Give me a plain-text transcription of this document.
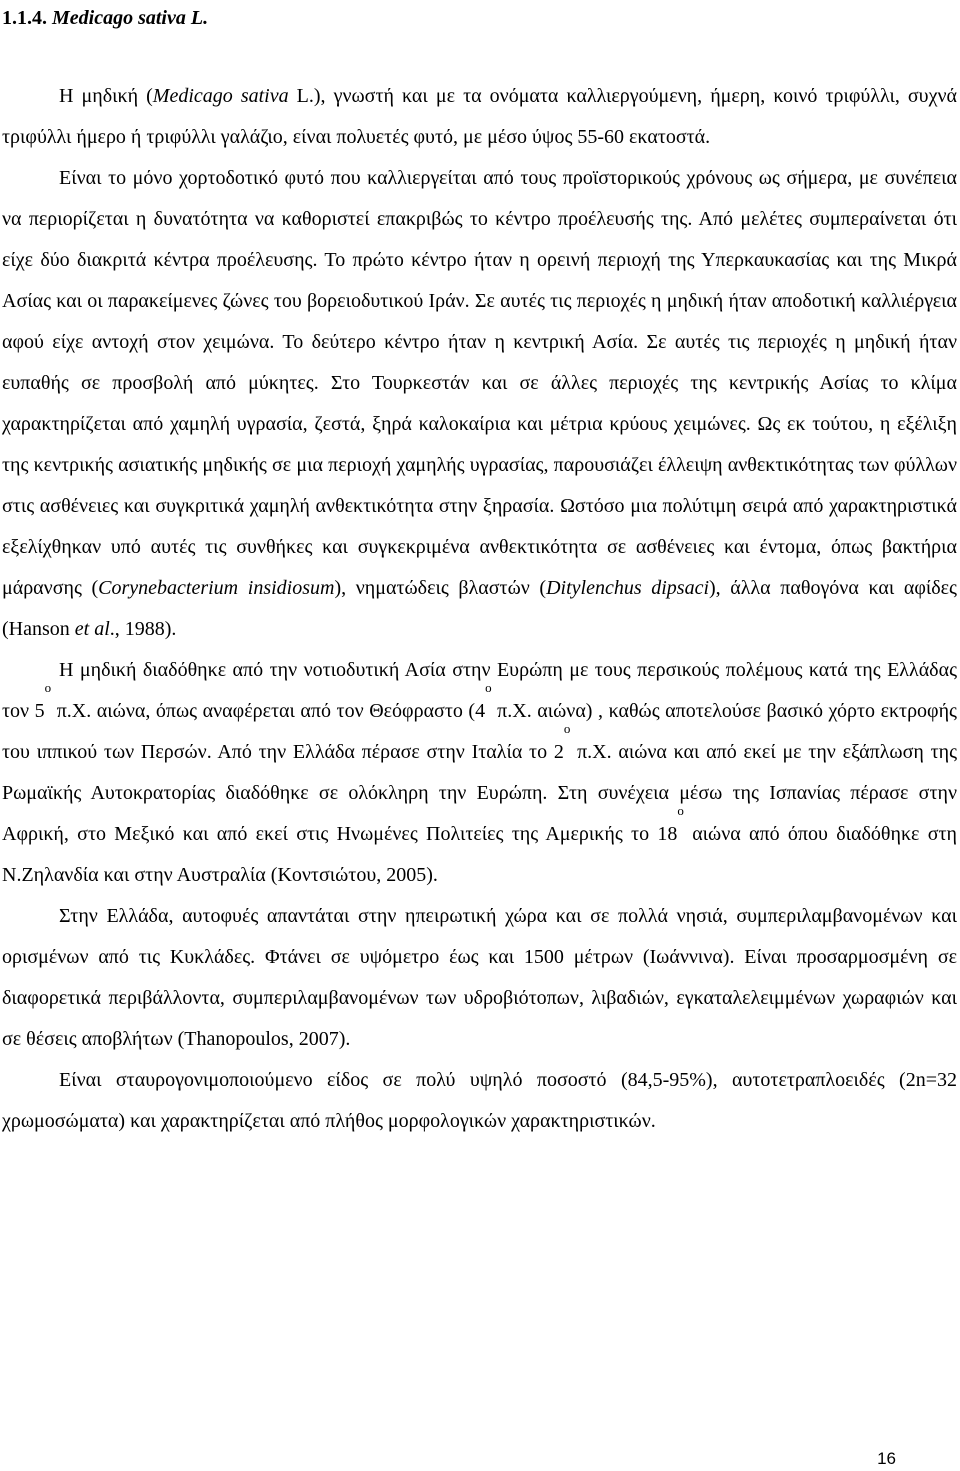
1.1.4. Medicago sativa L.

Η μηδική (Medicago sativa L.), γνωστή και με τα ονόματα καλλιεργούμενη, ήμερη, κοινό τριφύλλι, συχνά τριφύλλι ήμερο ή τριφύλλι γαλάζιο, είναι πολυετές φυτό, με μέσο ύψος 55-60 εκατοστά.

Είναι το μόνο χορτοδοτικό φυτό που καλλιεργείται από τους προϊστορικούς χρόνους ως σήμερα, με συνέπεια να περιορίζεται η δυνατότητα να καθοριστεί επακριβώς το κέντρο προέλευσής της. Από μελέτες συμπεραίνεται ότι είχε δύο διακριτά κέντρα προέλευσης. Το πρώτο κέντρο ήταν η ορεινή περιοχή της Υπερκαυκασίας και της Μικρά Ασίας και οι παρακείμενες ζώνες του βορειοδυτικού Ιράν. Σε αυτές τις περιοχές η μηδική ήταν αποδοτική καλλιέργεια αφού είχε αντοχή στον χειμώνα. Το δεύτερο κέντρο ήταν η κεντρική Ασία. Σε αυτές τις περιοχές η μηδική ήταν ευπαθής σε προσβολή από μύκητες. Στο Τουρκεστάν και σε άλλες περιοχές της κεντρικής Ασίας το κλίμα χαρακτηρίζεται από χαμηλή υγρασία, ζεστά, ξηρά καλοκαίρια και μέτρια κρύους χειμώνες. Ως εκ τούτου, η εξέλιξη της κεντρικής ασιατικής μηδικής σε μια περιοχή χαμηλής υγρασίας, παρουσιάζει έλλειψη ανθεκτικότητας των φύλλων στις ασθένειες και συγκριτικά χαμηλή ανθεκτικότητα στην ξηρασία. Ωστόσο μια πολύτιμη σειρά από χαρακτηριστικά εξελίχθηκαν υπό αυτές τις συνθήκες και συγκεκριμένα ανθεκτικότητα σε ασθένειες και έντομα, όπως βακτήρια μάρανσης (Corynebacterium insidiosum), νηματώδεις βλαστών (Ditylenchus dipsaci), άλλα παθογόνα και αφίδες (Hanson et al., 1988).

Η μηδική διαδόθηκε από την νοτιοδυτική Ασία στην Ευρώπη με τους περσικούς πολέμους κατά της Ελλάδας τον $5^o$ π.Χ. αιώνα, όπως αναφέρεται από τον Θεόφραστο ($4^o$ π.Χ. αιώνα) , καθώς αποτελούσε βασικό χόρτο εκτροφής του ιππικού των Περσών. Από την Ελλάδα πέρασε στην Ιταλία το $2^o$ π.Χ. αιώνα και από εκεί με την εξάπλωση της Ρωμαϊκής Αυτοκρατορίας διαδόθηκε σε ολόκληρη την Ευρώπη. Στη συνέχεια μέσω της Ισπανίας πέρασε στην Αφρική, στο Μεξικό και από εκεί στις Ηνωμένες Πολιτείες της Αμερικής το $18^o$ αιώνα από όπου διαδόθηκε στη Ν.Ζηλανδία και στην Αυστραλία (Κοντσιώτου, 2005).

Στην Ελλάδα, αυτοφυές απαντάται στην ηπειρωτική χώρα και σε πολλά νησιά, συμπεριλαμβανομένων και ορισμένων από τις Κυκλάδες. Φτάνει σε υψόμετρο έως και 1500 μέτρων (Ιωάννινα). Είναι προσαρμοσμένη σε διαφορετικά περιβάλλοντα, συμπεριλαμβανομένων των υδροβιότοπων, λιβαδιών, εγκαταλελειμμένων χωραφιών και σε θέσεις αποβλήτων (Thanopoulos, 2007).

Είναι σταυρογονιμοποιούμενο είδος σε πολύ υψηλό ποσοστό (84,5-95%), αυτοτετραπλοειδές (2n=32 χρωμοσώματα) και χαρακτηρίζεται από πλήθος μορφολογικών χαρακτηριστικών.

16
